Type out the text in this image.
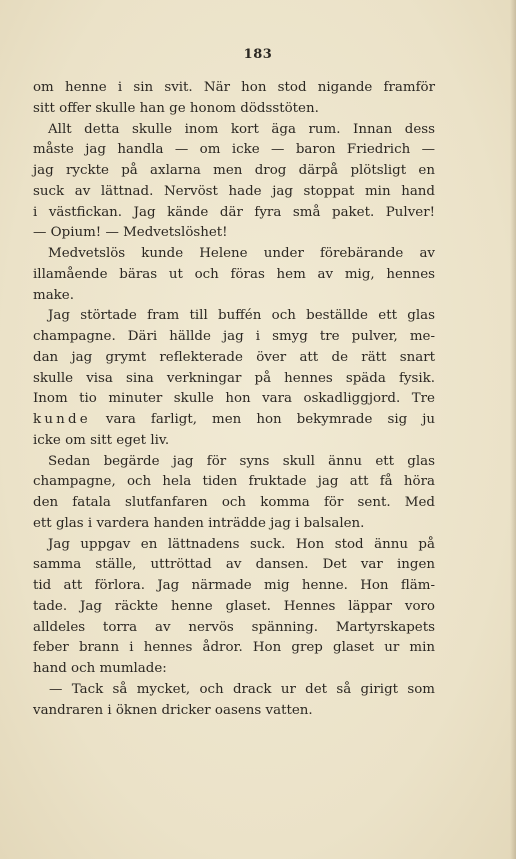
183
om henne i sin svit. När hon stod nigande framför
sitt offer skulle han ge honom dödsstöten.
Allt detta skulle inom kort äga rum. Innan dess
måste jag handla — om icke — baron Friedrich —
jag ryckte på axlarna men drog därpå plötsligt en
suck av lättnad. Nervöst hade jag stoppat min hand
i västfickan. Jag kände där fyra små paket. Pulver!
— Opium! — Medvetslöshet!
Medvetslös kunde Helene under förebärande av
illamående bäras ut och föras hem av mig, hennes
make.
Jag störtade fram till buffén och beställde ett glas
champagne. Däri hällde jag i smyg tre pulver, me-
dan jag grymt reflekterade över att de rätt snart
skulle visa sina verkningar på hennes späda fysik.
Inom tio minuter skulle hon vara oskadliggjord. Tre
kunde vara farligt, men hon bekymrade sig ju
icke om sitt eget liv.
Sedan begärde jag för syns skull ännu ett glas
champagne, och hela tiden fruktade jag att få höra
den fatala slutfanfaren och komma för sent. Med
ett glas i vardera handen inträdde jag i balsalen.
Jag uppgav en lättnadens suck. Hon stod ännu på
samma ställe, uttröttad av dansen. Det var ingen
tid att förlora. Jag närmade mig henne. Hon fläm-
tade. Jag räckte henne glaset. Hennes läppar voro
alldeles torra av nervös spänning. Martyrskapets
feber brann i hennes ådror. Hon grep glaset ur min
hand och mumlade:
— Tack så mycket, och drack ur det så girigt som
vandraren i öknen dricker oasens vatten.
